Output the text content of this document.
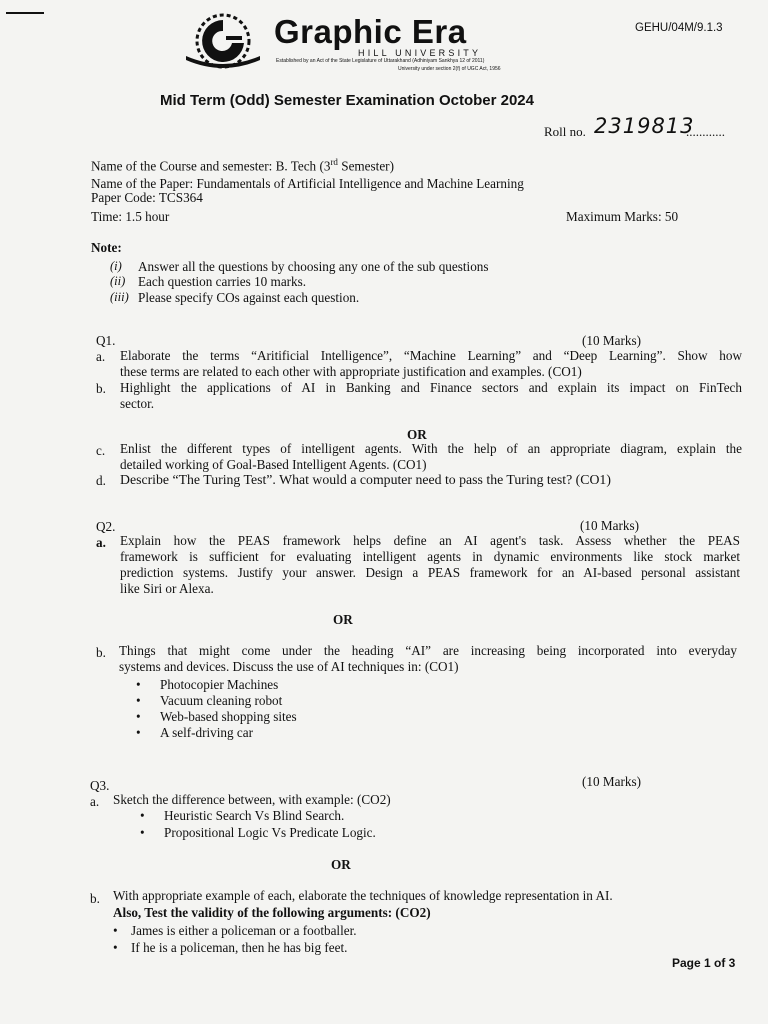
Graphic Era
HILL UNIVERSITY
Established by an Act of the State Legislature of Uttarakhand (Adhiniyam Sankhya 12 of 2011)
University under section 2(f) of UGC Act, 1956
GEHU/04M/9.1.3
Mid Term (Odd) Semester Examination October 2024
Roll no. 2319813
............
Name of the Course and semester: B. Tech (3rd Semester)
Name of the Paper: Fundamentals of Artificial Intelligence and Machine Learning
Paper Code: TCS364
Time: 1.5 hour	Maximum Marks: 50
Note:
(i) Answer all the questions by choosing any one of the sub questions
(ii) Each question carries 10 marks.
(iii) Please specify COs against each question.
Q1.	(10 Marks)
a. Elaborate the terms “Aritificial Intelligence”, “Machine Learning” and “Deep Learning”. Show how
these terms are related to each other with appropriate justification and examples. (CO1)
b. Highlight the applications of AI in Banking and Finance sectors and explain its impact on FinTech
sector.
OR
c. Enlist the different types of intelligent agents. With the help of an appropriate diagram, explain the
detailed working of Goal-Based Intelligent Agents. (CO1)
d. Describe “The Turing Test”. What would a computer need to pass the Turing test? (CO1)
Q2.	(10 Marks)
a. Explain how the PEAS framework helps define an AI agent's task. Assess whether the PEAS
framework is sufficient for evaluating intelligent agents in dynamic environments like stock market
prediction systems. Justify your answer. Design a PEAS framework for an AI-based personal assistant
like Siri or Alexa.
OR
b. Things that might come under the heading “AI” are increasing being incorporated into everyday
systems and devices. Discuss the use of AI techniques in: (CO1)
• Photocopier Machines
• Vacuum cleaning robot
• Web-based shopping sites
• A self-driving car
Q3.	(10 Marks)
a. Sketch the difference between, with example: (CO2)
• Heuristic Search Vs Blind Search.
• Propositional Logic Vs Predicate Logic.
OR
b. With appropriate example of each, elaborate the techniques of knowledge representation in AI.
Also, Test the validity of the following arguments: (CO2)
• James is either a policeman or a footballer.
• If he is a policeman, then he has big feet.
Page 1 of 3
